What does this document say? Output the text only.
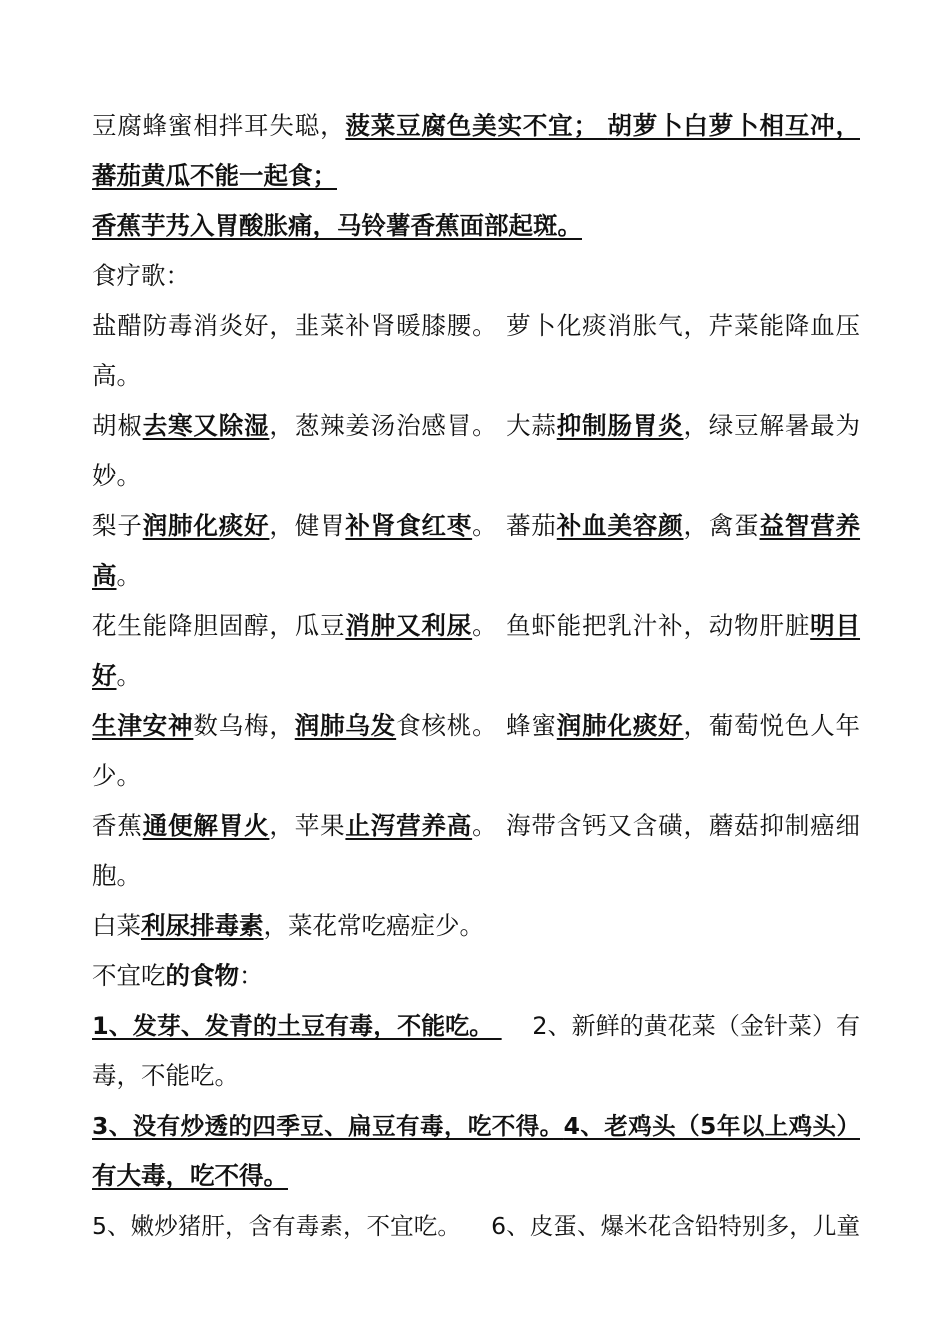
豆腐蜂蜜相拌耳失聪，菠菜豆腐色美实不宜； 胡萝卜白萝卜相互冲，
蕃茄黄瓜不能一起食；
香蕉芋艿入胃酸胀痛，马铃薯香蕉面部起斑。
食疗歌：
盐醋防毒消炎好，韭菜补肾暖膝腰。 萝卜化痰消胀气，芹菜能降血压
高。
胡椒去寒又除湿，葱辣姜汤治感冒。 大蒜抑制肠胃炎，绿豆解暑最为
妙。
梨子润肺化痰好，健胃补肾食红枣。 蕃茄补血美容颜，禽蛋益智营养
高。
花生能降胆固醇，瓜豆消肿又利尿。 鱼虾能把乳汁补，动物肝脏明目
好。
生津安神数乌梅，润肺乌发食核桃。 蜂蜜润肺化痰好，葡萄悦色人年
少。
香蕉通便解胃火，苹果止泻营养高。 海带含钙又含磺，蘑菇抑制癌细
胞。
白菜利尿排毒素，菜花常吃癌症少。
不宜吃的食物：
1、发芽、发青的土豆有毒，不能吃。     2、新鲜的黄花菜（金针菜）有
毒，不能吃。
3、没有炒透的四季豆、扁豆有毒，吃不得。4、老鸡头（5年以上鸡头）
有大毒，吃不得。
5、嫩炒猪肝，含有毒素，不宜吃。    6、皮蛋、爆米花含铅特别多，儿童
